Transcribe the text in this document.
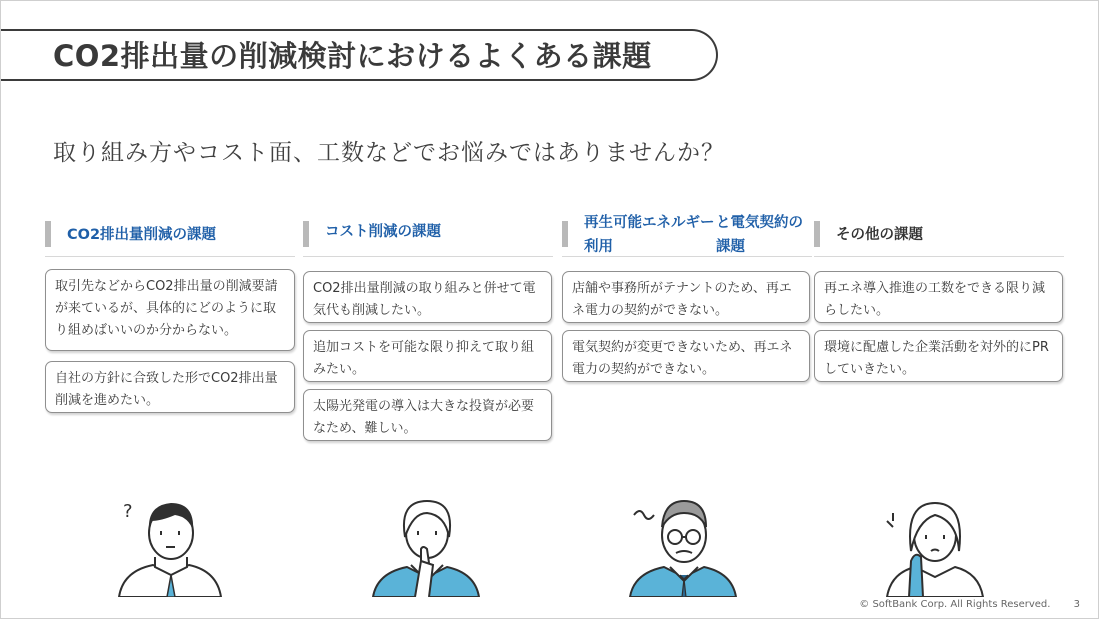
CO2排出量の削減検討におけるよくある課題
取り組み方やコスト面、工数などでお悩みではありませんか？
CO2排出量削減の課題
取引先などからCO2排出量の削減要請が来ているが、具体的にどのように取り組めばいいのか分からない。
自社の方針に合致した形でCO2排出量削減を進めたい。
コスト削減の課題
CO2排出量削減の取り組みと併せて電気代も削減したい。
追加コストを可能な限り抑えて取り組みたい。
太陽光発電の導入は大きな投資が必要なため、難しい。
再生可能エネルギー利用

と電気契約の課題
店舗や事務所がテナントのため、再エネ電力の契約ができない。
電気契約が変更できないため、再エネ電力の契約ができない。
その他の課題
再エネ導入推進の工数をできる限り減らしたい。
環境に配慮した企業活動を対外的にPRしていきたい。
?
© SoftBank Corp. All Rights Reserved. 3
